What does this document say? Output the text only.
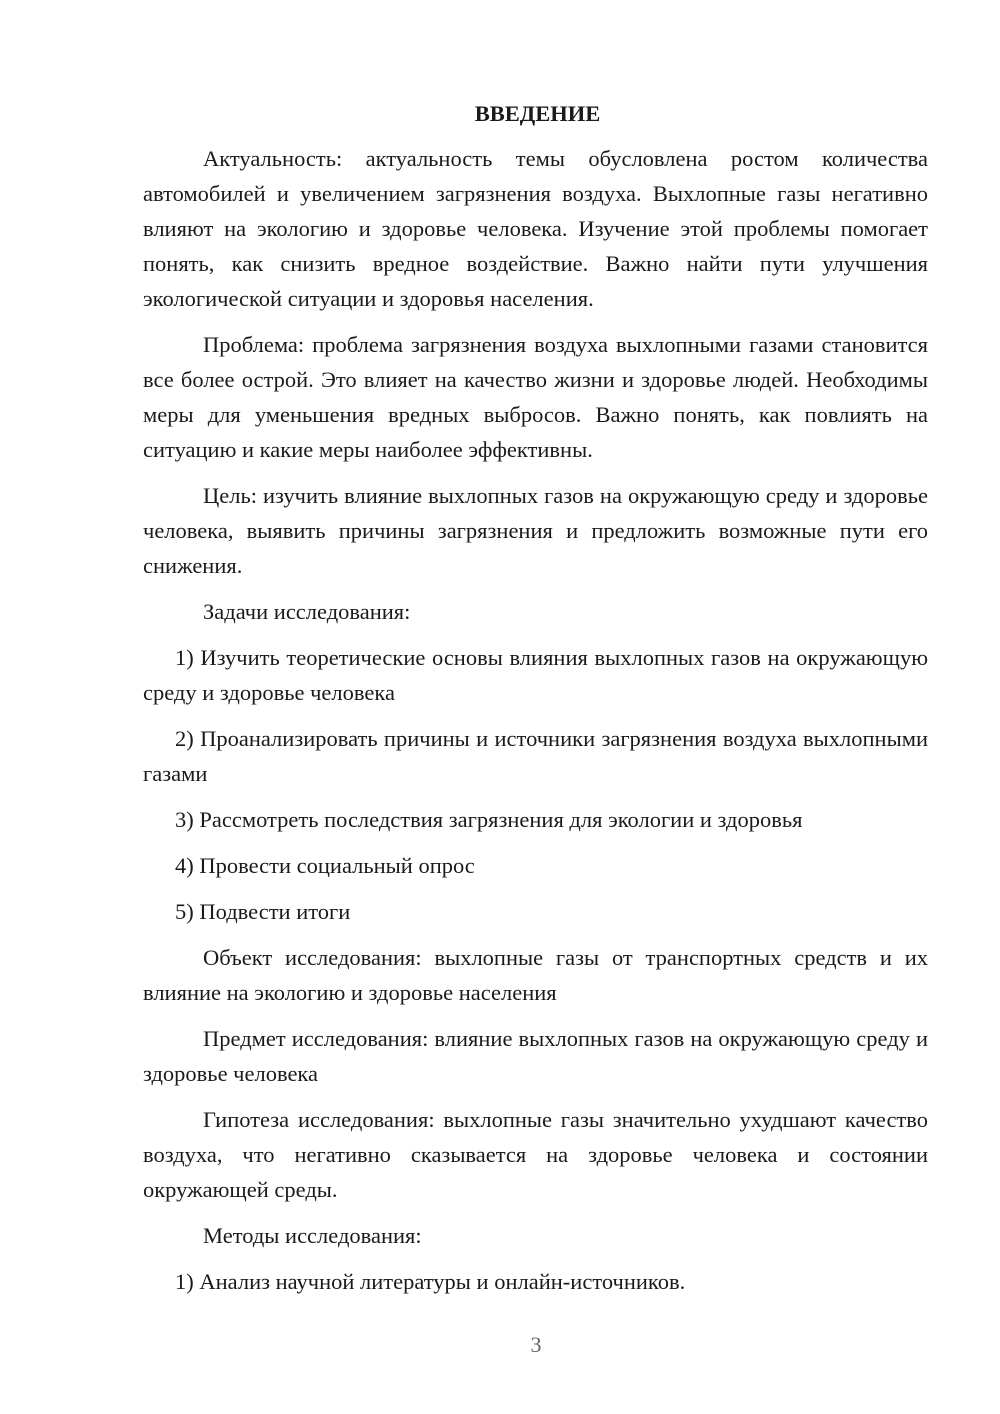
ВВЕДЕНИЕ

Актуальность: актуальность темы обусловлена ростом количества автомобилей и увеличением загрязнения воздуха. Выхлопные газы негативно влияют на экологию и здоровье человека. Изучение этой проблемы помогает понять, как снизить вредное воздействие. Важно найти пути улучшения экологической ситуации и здоровья населения.

Проблема: проблема загрязнения воздуха выхлопными газами становится все более острой. Это влияет на качество жизни и здоровье людей. Необходимы меры для уменьшения вредных выбросов. Важно понять, как повлиять на ситуацию и какие меры наиболее эффективны.

Цель: изучить влияние выхлопных газов на окружающую среду и здоровье человека, выявить причины загрязнения и предложить возможные пути его снижения.

Задачи исследования:

1) Изучить теоретические основы влияния выхлопных газов на окружающую среду и здоровье человека

2) Проанализировать причины и источники загрязнения воздуха выхлопными газами

3) Рассмотреть последствия загрязнения для экологии и здоровья

4) Провести социальный опрос

5) Подвести итоги

Объект исследования: выхлопные газы от транспортных средств и их влияние на экологию и здоровье населения

Предмет исследования: влияние выхлопных газов на окружающую среду и здоровье человека

Гипотеза исследования: выхлопные газы значительно ухудшают качество воздуха, что негативно сказывается на здоровье человека и состоянии окружающей среды.

Методы исследования:

1) Анализ научной литературы и онлайн-источников.

3
